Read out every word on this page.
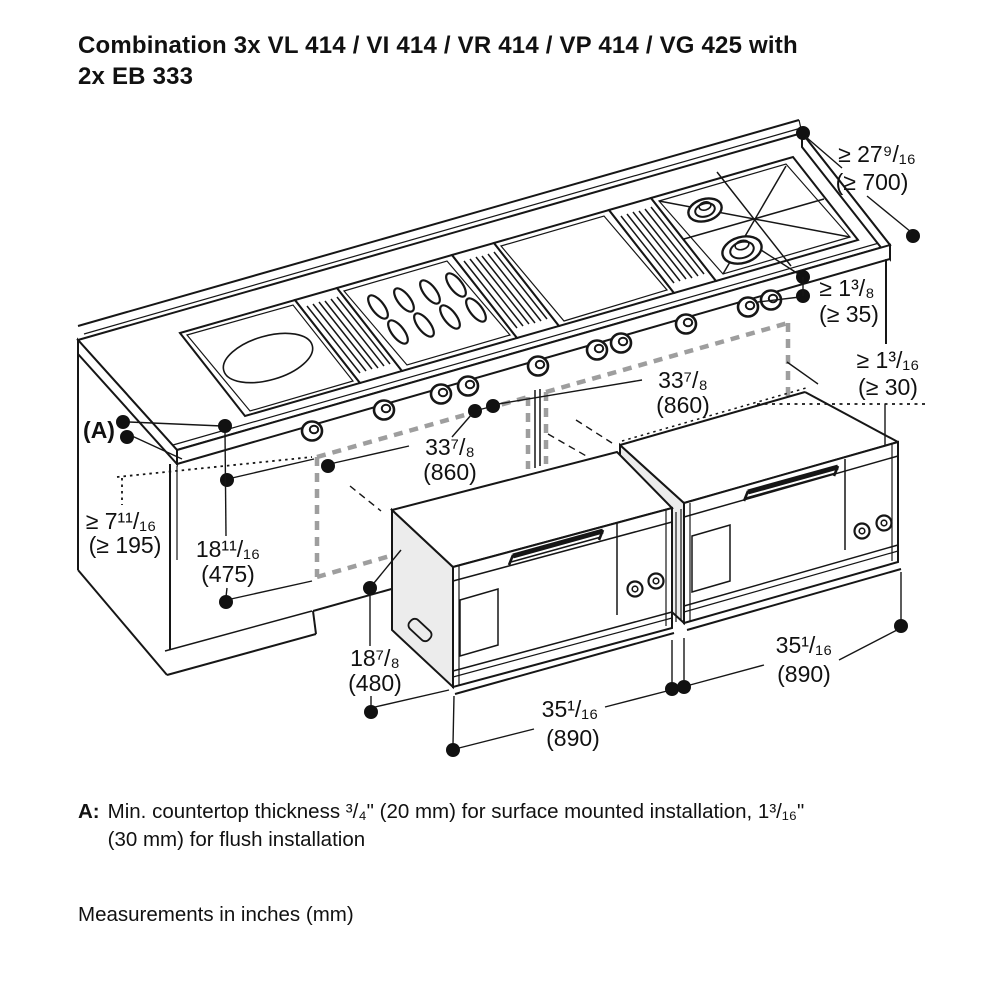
Combination 3x VL 414 / VI 414 / VR 414 / VP 414 / VG 425 with
2x EB 333
≥ 27⁹/₁₆
(≥ 700)
≥ 1³/₈
(≥ 35)
≥ 1³/₁₆
(≥ 30)
33⁷/₈
(860)
33⁷/₈
(860)
(A)
≥ 7¹¹/₁₆
(≥ 195) 18¹¹/₁₆
(475)
18⁷/₈
(480)
35¹/₁₆
(890)
35¹/₁₆
(890)
A: Min. countertop thickness ³/₄" (20 mm) for surface mounted installation, 1³/₁₆"
(30 mm) for flush installation
Measurements in inches (mm)
